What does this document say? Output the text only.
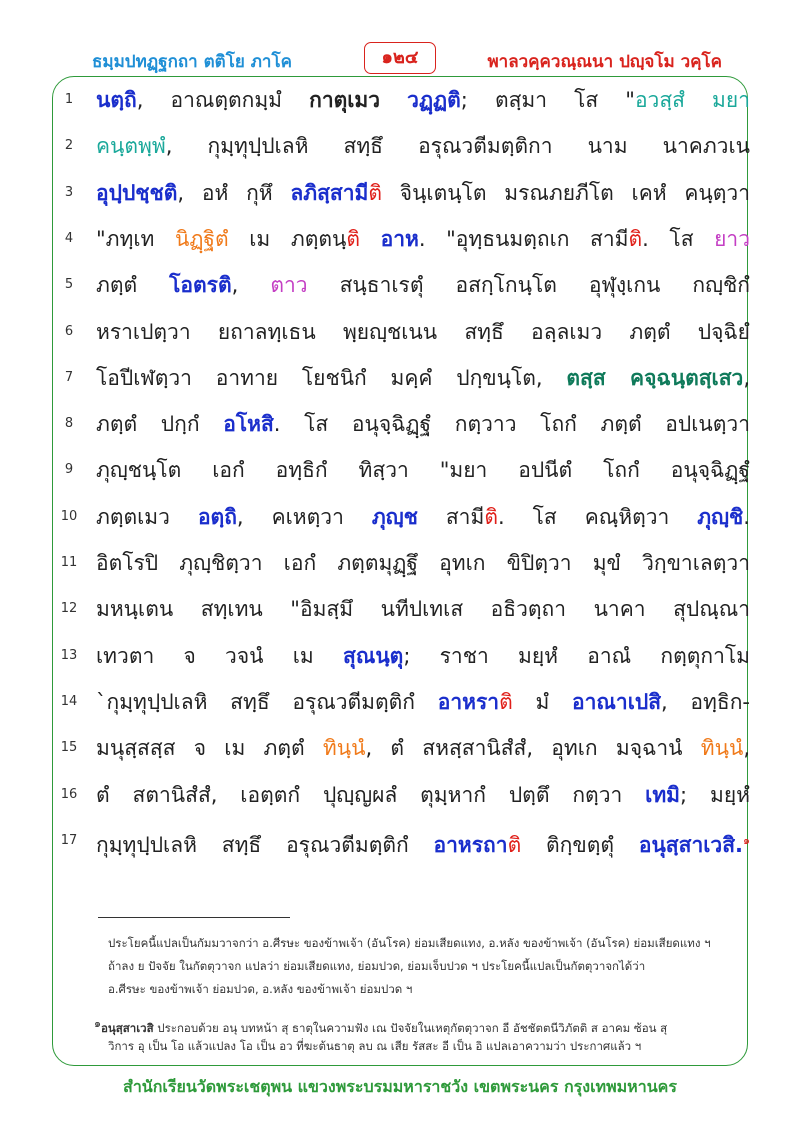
ธมฺมปทฏฺฐกถา ตติโย ภาโค	๑๒๔	พาลวคฺควณฺณนา ปญฺจโม วคฺโค
1	นตฺถิ, อาณตฺตกมฺมํ กาตุเมว วฏฺฏติ; ตสฺมา โส "อวสฺสํ มยา
2	คนฺตพฺพํ, กุมฺทุปฺปเลหิ สทฺธึ อรุณวตีมตฺติกา นาม นาคภวเน
3	อุปฺปชฺชติ, อหํ กุหึ ลภิสฺสามีติ จินฺเตนฺโต มรณภยภีโต เคหํ คนฺตฺวา
4	"ภทฺเท นิฏฺฐิตํ เม ภตฺตนฺติ อาห. "อุทฺธนมตฺถเก สามีติ. โส ยาว
5	ภตฺตํ โอตรติ, ตาว สนฺธาเรตุํ อสกฺโกนฺโต อุฬุงฺเกน กญฺชิกํ
6	หราเปตฺวา ยถาลทฺเธน พฺยญฺชเนน สทฺธึ อลฺลเมว ภตฺตํ ปจฺฉิยํ
7	โอปีเฬตฺวา อาทาย โยชนิกํ มคฺคํ ปกฺขนฺโต, ตสฺส คจฺฉนฺตสฺเสว,
8	ภตฺตํ ปกฺกํ อโหสิ. โส อนุจฺฉิฏฺฐํ กตฺวาว โถกํ ภตฺตํ อปเนตฺวา
9	ภุญฺชนฺโต เอกํ อทฺธิกํ ทิสฺวา "มยา อปนีตํ โถกํ อนุจฺฉิฏฺฐํ
10 ภตฺตเมว อตฺถิ, คเหตฺวา ภุญฺช สามีติ. โส คณฺหิตฺวา ภุญฺชิ.
11 อิตโรปิ ภุญฺชิตฺวา เอกํ ภตฺตมุฏฺฐึ อุทเก ขิปิตฺวา มุขํ วิกฺขาเลตฺวา
12 มหนฺเตน สทฺเทน "อิมสฺมึ นทีปเทเส อธิวตฺถา นาคา สุปณฺณา
13 เทวตา จ วจนํ เม สุณนฺตุ; ราชา มยฺหํ อาณํ กตฺตุกาโม
14 `กุมฺทุปฺปเลหิ สทฺธึ อรุณวตีมตฺติกํ อาหราติ มํ อาณาเปสิ, อทฺธิก-
15 มนุสฺสสฺส จ เม ภตฺตํ ทินฺนํ, ตํ สหสฺสานิสํสํ, อุทเก มจฺฉานํ ทินฺนํ,
16 ตํ สตานิสํสํ, เอตฺตกํ ปุญฺญผลํ ตุมฺหากํ ปตฺตึ กตฺวา เทมิ; มยฺหํ
17 กุมฺทุปฺปเลหิ สทฺธึ อรุณวตีมตฺติกํ อาหรถาติ ติกฺขตฺตุํ อนุสฺสาเวสิ.$^๑$
ประโยคนี้แปลเป็นกัมมวาจกว่า อ.ศีรษะ ของข้าพเจ้า (อันโรค) ย่อมเสียดแทง, อ.หลัง ของข้าพเจ้า (อันโรค) ย่อมเสียดแทง ฯ
ถ้าลง ย ปัจจัย ในกัตตุวาจก แปลว่า ย่อมเสียดแทง, ย่อมปวด, ย่อมเจ็บปวด ฯ ประโยคนี้แปลเป็นกัตตุวาจกได้ว่า
อ.ศีรษะ ของข้าพเจ้า ย่อมปวด, อ.หลัง ของข้าพเจ้า ย่อมปวด ฯ
$^๑$อนุสฺสาเวสิ ประกอบด้วย อนุ บทหน้า สุ ธาตุในความฟัง เณ ปัจจัยในเหตุกัตตุวาจก อี อัชชัตตนีวิภัตติ ส อาคม ซ้อน สุ
วิการ อุ เป็น โอ แล้วแปลง โอ เป็น อว ที่ฆะต้นธาตุ ลบ ณ เสีย รัสสะ อี เป็น อิ แปลเอาความว่า ประกาศแล้ว ฯ
สำนักเรียนวัดพระเชตุพน แขวงพระบรมมหาราชวัง เขตพระนคร กรุงเทพมหานคร
